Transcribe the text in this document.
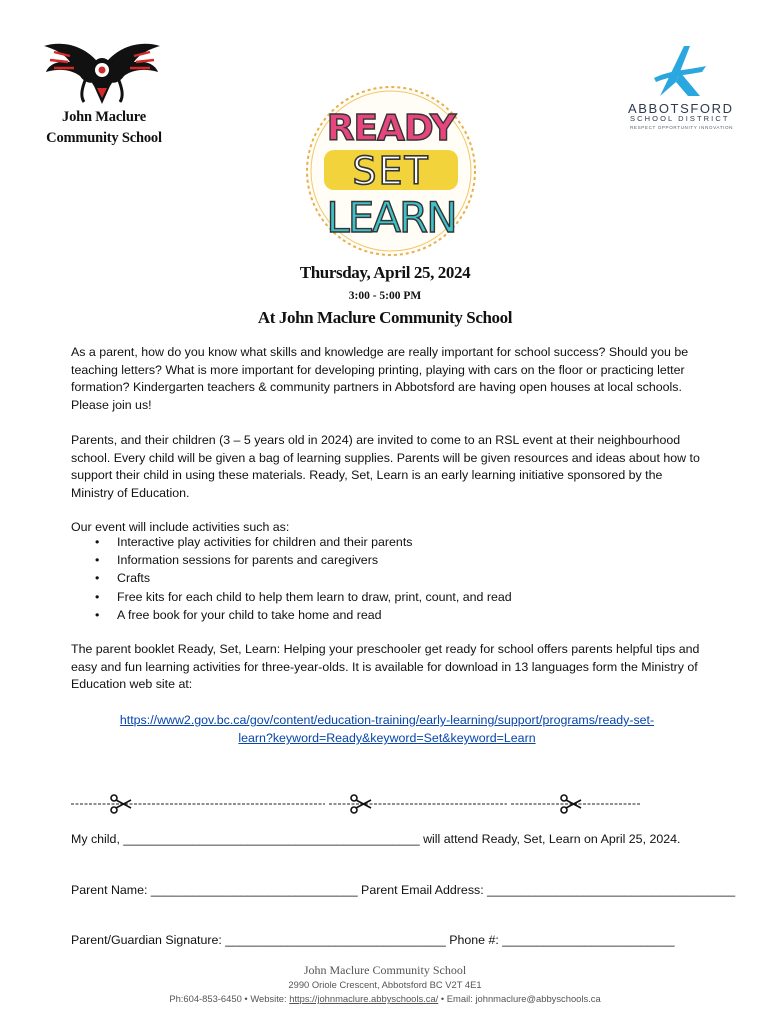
John Maclure
Community School
ABBOTSFORD
SCHOOL DISTRICT
RESPECT OPPORTUNITY INNOVATION
READY
SET
LEARN
Thursday, April 25, 2024
3:00 - 5:00 PM
At John Maclure Community School
As a parent, how do you know what skills and knowledge are really important for school success? Should you be teaching letters? What is more important for developing printing, playing with cars on the floor or practicing letter formation? Kindergarten teachers & community partners in Abbotsford are having open houses at local schools. Please join us!
Parents, and their children (3 – 5 years old in 2024) are invited to come to an RSL event at their neighbourhood school. Every child will be given a bag of learning supplies. Parents will be given resources and ideas about how to support their child in using these materials. Ready, Set, Learn is an early learning initiative sponsored by the Ministry of Education.
Our event will include activities such as:
• Interactive play activities for children and their parents
• Information sessions for parents and caregivers
• Crafts
• Free kits for each child to help them learn to draw, print, count, and read
• A free book for your child to take home and read
The parent booklet Ready, Set, Learn: Helping your preschooler get ready for school offers parents helpful tips and easy and fun learning activities for three-year-olds. It is available for download in 13 languages form the Ministry of Education web site at:
https://www2.gov.bc.ca/gov/content/education-training/early-learning/support/programs/ready-set-
learn?keyword=Ready&keyword=Set&keyword=Learn
My child, ___________________________________________ will attend Ready, Set, Learn on April 25, 2024.
Parent Name: ______________________________ Parent Email Address: ____________________________________
Parent/Guardian Signature: ________________________________ Phone #: _________________________
John Maclure Community School
2990 Oriole Crescent, Abbotsford BC V2T 4E1
Ph:604-853-6450 • Website: https://johnmaclure.abbyschools.ca/ • Email: johnmaclure@abbyschools.ca
